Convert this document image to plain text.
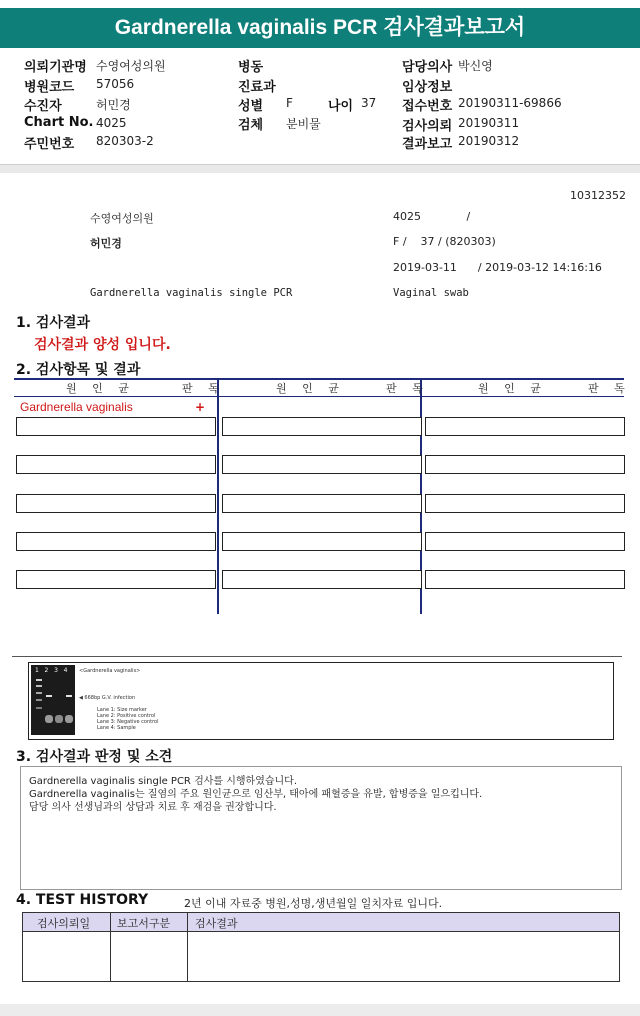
Gardnerella vaginalis PCR 검사결과보고서
의뢰기관명 수영여성의원
병원코드 57056
수진자	허민경
Chart No. 4025
주민번호 820303-2
병동
진료과
성별 F	나이 37
검체 분비물
담당의사 박신영
임상정보
접수번호 20190311-69866
검사의뢰 20190311
결과보고 20190312
10312352
수영여성의원	4025             /
허민경	F /    37 / (820303)
2019-03-11      / 2019-03-12 14:16:16
Gardnerella vaginalis single PCR	Vaginal swab
1. 검사결과
검사결과 양성 입니다.
2. 검사항목 및 결과
원 인 균	판 독	원 인 균	판 독	원 인 균	판 독
Gardnerella vaginalis	+
1   2   3   4 <Gardnerella vaginalis>
◀ 668bp G.V. infection
Lane 1: Size marker
Lane 2: Positive control
Lane 3: Negative control
Lane 4: Sample
3. 검사결과 판정 및 소견
Gardnerella vaginalis single PCR 검사를 시행하였습니다.
Gardnerella vaginalis는 질염의 주요 원인균으로 임산부, 태아에 패혈증을 유발, 합병증을 일으킵니다.
담당 의사 선생님과의 상담과 치료 후 재검을 권장합니다.
4. TEST HISTORY	2년 이내 자료중 병원,성명,생년월일 일치자료 입니다.
검사의뢰일 보고서구분 검사결과
